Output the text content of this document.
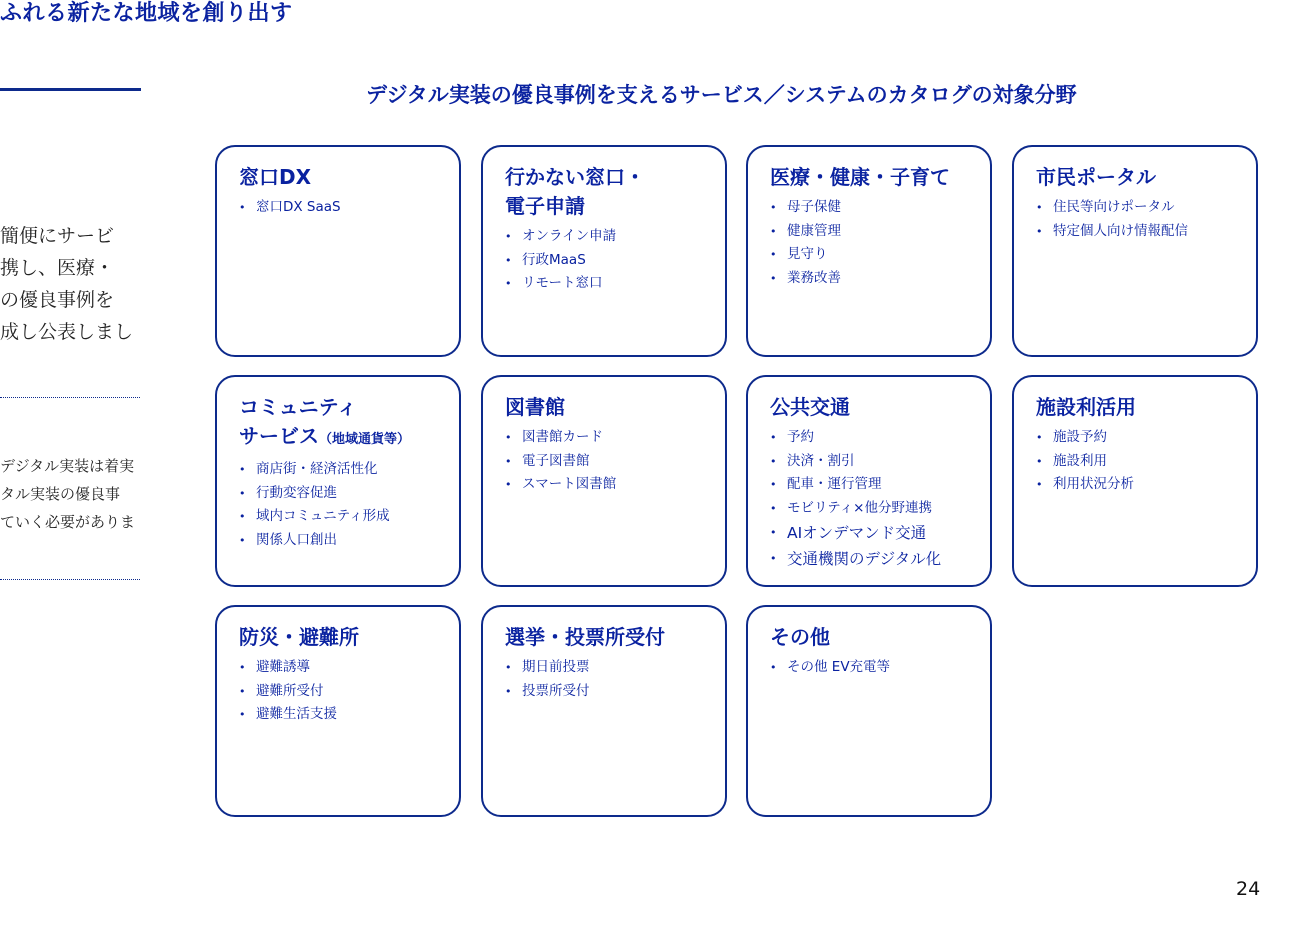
ふれる新たな地域を創り出す
簡便にサービ
携し、医療・
の優良事例を
成し公表しまし
デジタル実装は着実
タル実装の優良事
ていく必要がありま
デジタル実装の優良事例を支えるサービス／システムのカタログの対象分野
窓口DX
• 窓口DX SaaS
行かない窓口・
電子申請
• オンライン申請
• 行政MaaS
• リモート窓口
医療・健康・子育て
• 母子保健
• 健康管理
• 見守り
• 業務改善
市民ポータル
• 住民等向けポータル
• 特定個人向け情報配信
コミュニティ
サービス（地域通貨等）
• 商店街・経済活性化
• 行動変容促進
• 域内コミュニティ形成
• 関係人口創出
図書館
• 図書館カード
• 電子図書館
• スマート図書館
公共交通
• 予約
• 決済・割引
• 配車・運行管理
• モビリティ×他分野連携
• AIオンデマンド交通
• 交通機関のデジタル化
施設利活用
• 施設予約
• 施設利用
• 利用状況分析
防災・避難所
• 避難誘導
• 避難所受付
• 避難生活支援
選挙・投票所受付
• 期日前投票
• 投票所受付
その他
• その他 EV充電等
24
